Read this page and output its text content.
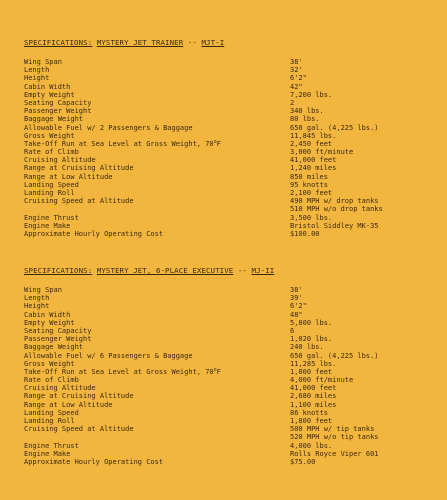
SPECIFICATIONS: MYSTERY JET TRAINER -- MJT-I
Wing Span	38'
Length	32'
Height	6'2"
Cabin Width	42"
Empty Weight	7,200 lbs.
Seating Capacity	2
Passenger Weight	340 lbs.
Baggage Weight	80 lbs.
Allowable Fuel w/ 2 Passengers & Baggage	650 gal. (4,225 lbs.)
Gross Weight	11,845 lbs.
Take-Off Run at Sea Level at Gross Weight, 70$^o$F	2,450 feet
Rate of Climb	3,000 ft/minute
Cruising Altitude	41,000 feet
Range at Cruising Altitude	1,240 miles
Range at Low Altitude	850 miles
Landing Speed	95 knotts
Landing Roll	2,100 feet
Cruising Speed at Altitude	490 MPH w/ drop tanks
510 MPH w/o drop tanks
Engine Thrust	3,500 lbs.
Engine Make	Bristol Siddley MK-35
Approximate Hourly Operating Cost	$100.00
SPECIFICATIONS: MYSTERY JET, 6-PLACE EXECUTIVE -- MJ-II
Wing Span	38'
Length	39'
Height	6'2"
Cabin Width	48"
Empty Weight	5,800 lbs.
Seating Capacity	6
Passenger Weight	1,020 lbs.
Baggage Weight	240 lbs.
Allowable Fuel w/ 6 Passengers & Baggage	650 gal. (4,225 lbs.)
Gross Weight	11,285 lbs.
Take-Off Run at Sea Level at Gross Weight, 70$^o$F	1,800 feet
Rate of Climb	4,000 ft/minute
Cruising Altitude	41,000 feet
Range at Cruising Altitude	2,680 miles
Range at Low Altitude	1,100 miles
Landing Speed	86 knotts
Landing Roll	1,800 feet
Cruising Speed at Altitude	500 MPH w/ tip tanks
520 MPH w/o tip tanks
Engine Thrust	4,000 lbs.
Engine Make	Rolls Royce Viper 601
Approximate Hourly Operating Cost	$75.00
